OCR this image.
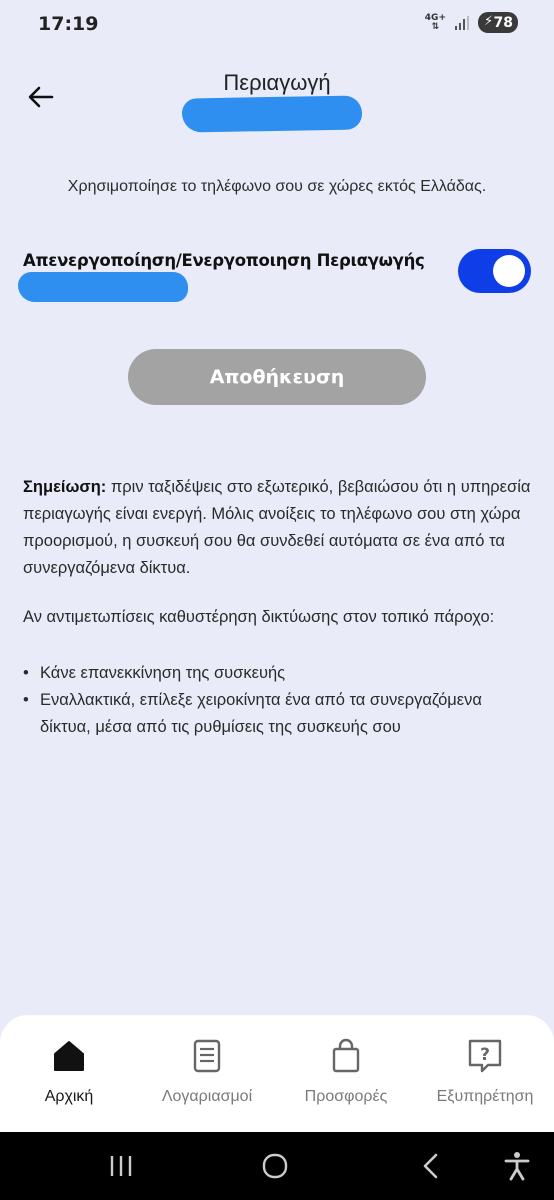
17:19	4G+
⇅	⚡ 78
Περιαγωγή
Χρησιμοποίησε το τηλέφωνο σου σε χώρες εκτός Ελλάδας.
Απενεργοποίηση/Ενεργοποιηση Περιαγωγής
Αποθήκευση
Σημείωση: πριν ταξιδέψεις στο εξωτερικό, βεβαιώσου ότι η υπηρεσία περιαγωγής είναι ενεργή. Μόλις ανοίξεις το τηλέφωνο σου στη χώρα προορισμού, η συσκευή σου θα συνδεθεί αυτόματα σε ένα από τα συνεργαζόμενα δίκτυα.
Αν αντιμετωπίσεις καθυστέρηση δικτύωσης στον τοπικό πάροχο:
• Κάνε επανεκκίνηση της συσκευής
• Εναλλακτικά, επίλεξε χειροκίνητα ένα από τα συνεργαζόμενα δίκτυα, μέσα από τις ρυθμίσεις της συσκευής σου
Αρχική	Λογαριασμοί	Προσφορές
?
Εξυπηρέτηση
